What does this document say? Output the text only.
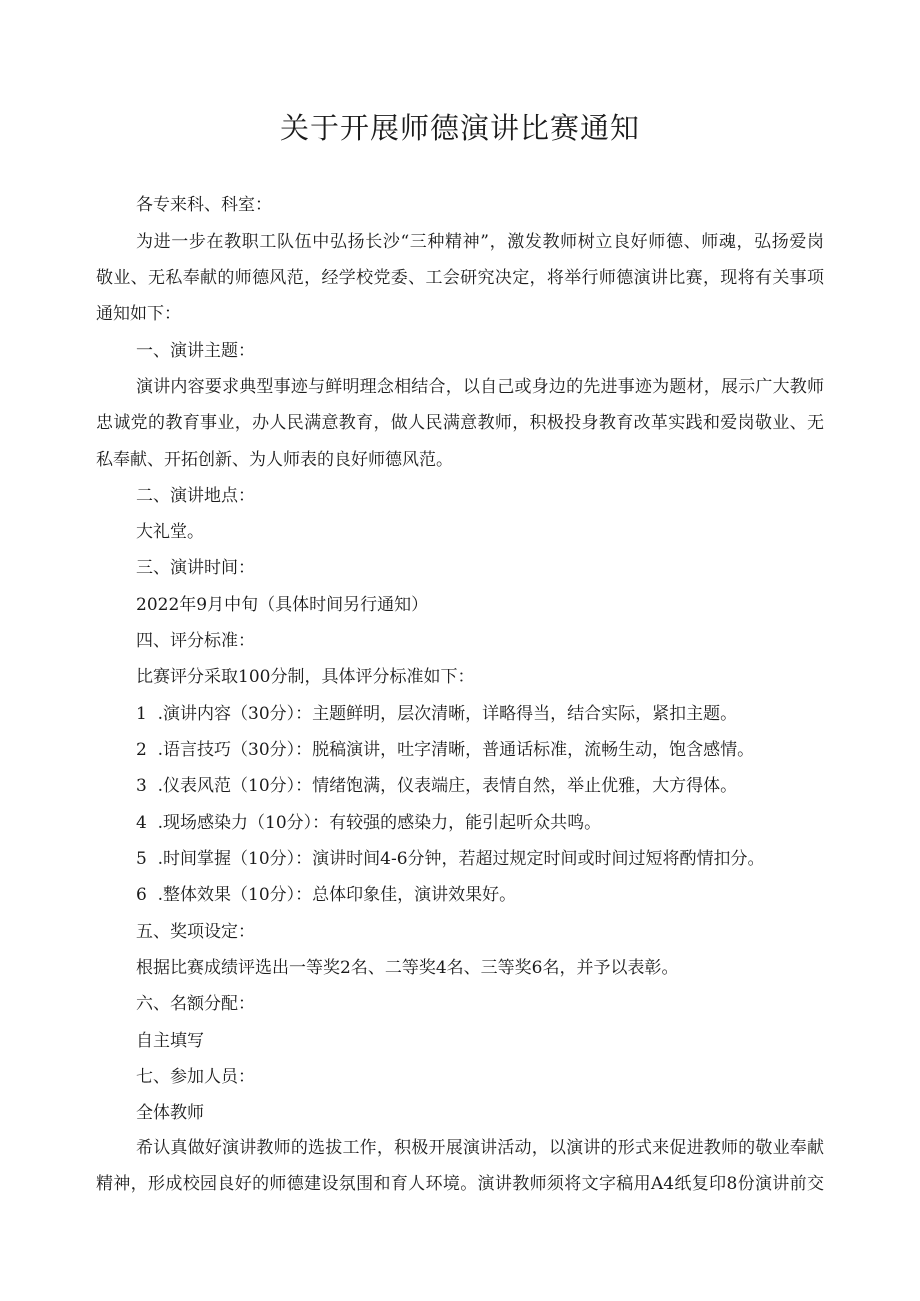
关于开展师德演讲比赛通知
各专来科、科室：
为进一步在教职工队伍中弘扬长沙“三种精神”，激发教师树立良好师德、师魂，弘扬爱岗
敬业、无私奉献的师德风范，经学校党委、工会研究决定，将举行师德演讲比赛，现将有关事项
通知如下：
一、演讲主题：
演讲内容要求典型事迹与鲜明理念相结合，以自己或身边的先进事迹为题材，展示广大教师
忠诚党的教育事业，办人民满意教育，做人民满意教师，积极投身教育改革实践和爱岗敬业、无
私奉献、开拓创新、为人师表的良好师德风范。
二、演讲地点：
大礼堂。
三、演讲时间：
2022年9月中旬（具体时间另行通知）
四、评分标准：
比赛评分采取100分制，具体评分标准如下：
1  .演讲内容（30分）：主题鲜明，层次清晰，详略得当，结合实际，紧扣主题。
2  .语言技巧（30分）：脱稿演讲，吐字清晰，普通话标准，流畅生动，饱含感情。
3  .仪表风范（10分）：情绪饱满，仪表端庄，表情自然，举止优雅，大方得体。
4  .现场感染力（10分）：有较强的感染力，能引起听众共鸣。
5  .时间掌握（10分）：演讲时间4-6分钟，若超过规定时间或时间过短将酌情扣分。
6  .整体效果（10分）：总体印象佳，演讲效果好。
五、奖项设定：
根据比赛成绩评选出一等奖2名、二等奖4名、三等奖6名，并予以表彰。
六、名额分配：
自主填写
七、参加人员：
全体教师
希认真做好演讲教师的选拔工作，积极开展演讲活动，以演讲的形式来促进教师的敬业奉献
精神，形成校园良好的师德建设氛围和育人环境。演讲教师须将文字稿用A4纸复印8份演讲前交
